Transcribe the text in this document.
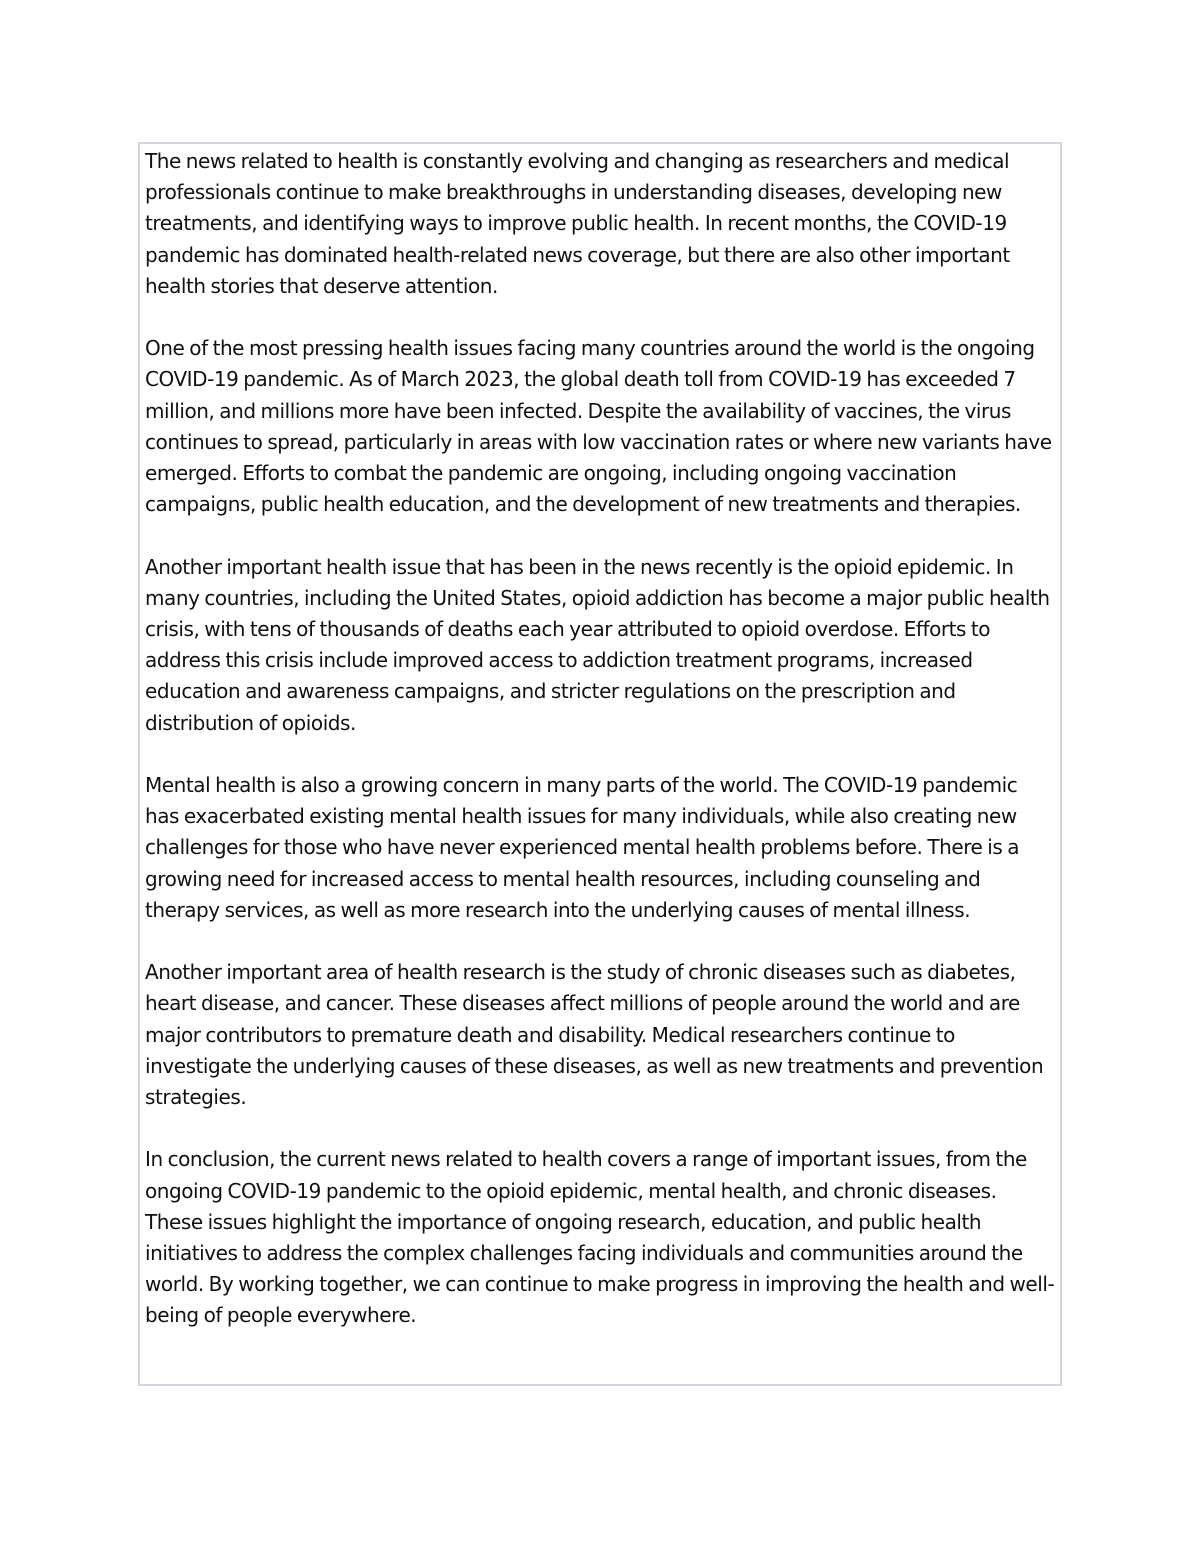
The news related to health is constantly evolving and changing as researchers and medical professionals continue to make breakthroughs in understanding diseases, developing new treatments, and identifying ways to improve public health. In recent months, the COVID-19 pandemic has dominated health-related news coverage, but there are also other important health stories that deserve attention.

One of the most pressing health issues facing many countries around the world is the ongoing COVID-19 pandemic. As of March 2023, the global death toll from COVID-19 has exceeded 7 million, and millions more have been infected. Despite the availability of vaccines, the virus continues to spread, particularly in areas with low vaccination rates or where new variants have emerged. Efforts to combat the pandemic are ongoing, including ongoing vaccination campaigns, public health education, and the development of new treatments and therapies.

Another important health issue that has been in the news recently is the opioid epidemic. In many countries, including the United States, opioid addiction has become a major public health crisis, with tens of thousands of deaths each year attributed to opioid overdose. Efforts to address this crisis include improved access to addiction treatment programs, increased education and awareness campaigns, and stricter regulations on the prescription and distribution of opioids.

Mental health is also a growing concern in many parts of the world. The COVID-19 pandemic has exacerbated existing mental health issues for many individuals, while also creating new challenges for those who have never experienced mental health problems before. There is a growing need for increased access to mental health resources, including counseling and therapy services, as well as more research into the underlying causes of mental illness.

Another important area of health research is the study of chronic diseases such as diabetes, heart disease, and cancer. These diseases affect millions of people around the world and are major contributors to premature death and disability. Medical researchers continue to investigate the underlying causes of these diseases, as well as new treatments and prevention strategies.

In conclusion, the current news related to health covers a range of important issues, from the ongoing COVID-19 pandemic to the opioid epidemic, mental health, and chronic diseases. These issues highlight the importance of ongoing research, education, and public health initiatives to address the complex challenges facing individuals and communities around the world. By working together, we can continue to make progress in improving the health and well-being of people everywhere.
